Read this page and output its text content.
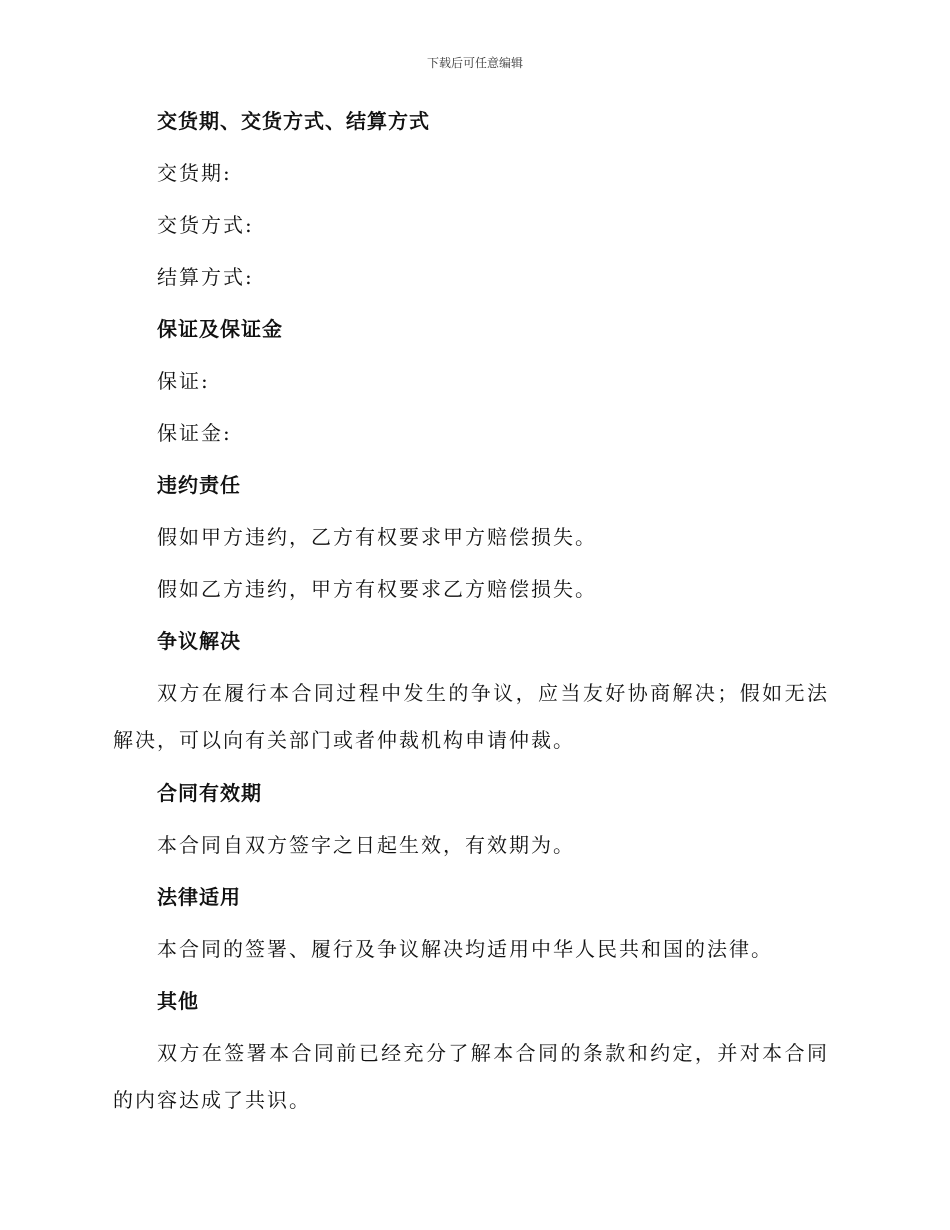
下载后可任意编辑
交货期、交货方式、结算方式
交货期:
交货方式:
结算方式:
保证及保证金
保证:
保证金:
违约责任
假如甲方违约，乙方有权要求甲方赔偿损失。
假如乙方违约，甲方有权要求乙方赔偿损失。
争议解决
双方在履行本合同过程中发生的争议，应当友好协商解决；假如无法解决，可以向有关部门或者仲裁机构申请仲裁。
合同有效期
本合同自双方签字之日起生效，有效期为。
法律适用
本合同的签署、履行及争议解决均适用中华人民共和国的法律。
其他
双方在签署本合同前已经充分了解本合同的条款和约定，并对本合同的内容达成了共识。
